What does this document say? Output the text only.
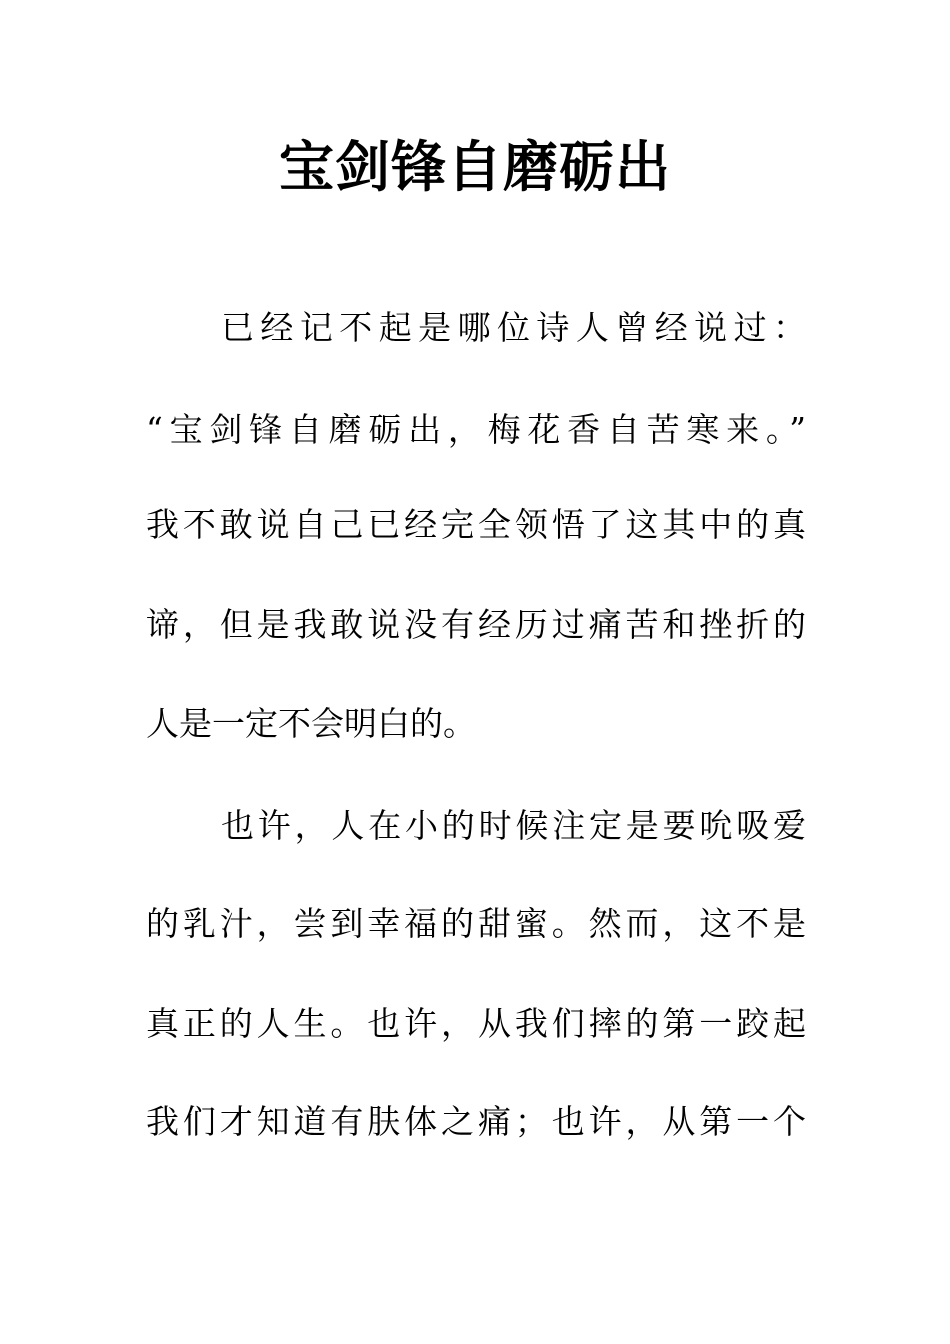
宝剑锋自磨砺出

已经记不起是哪位诗人曾经说过：

“宝剑锋自磨砺出，梅花香自苦寒来。”

我不敢说自己已经完全领悟了这其中的真

谛，但是我敢说没有经历过痛苦和挫折的

人是一定不会明白的。

也许，人在小的时候注定是要吮吸爱

的乳汁，尝到幸福的甜蜜。然而，这不是

真正的人生。也许，从我们摔的第一跤起

我们才知道有肤体之痛；也许，从第一个
